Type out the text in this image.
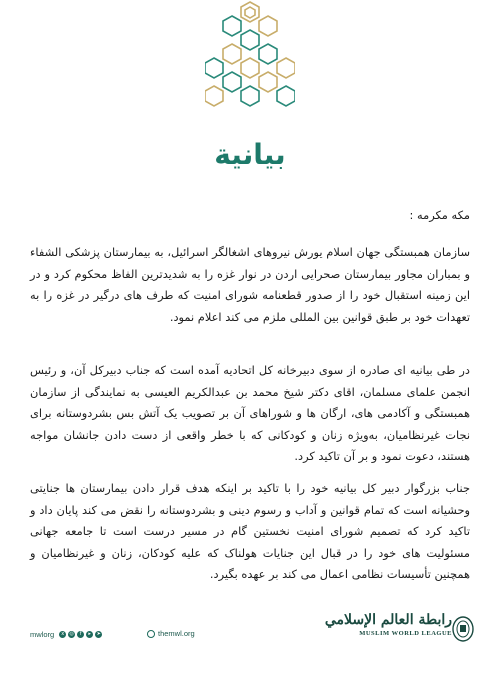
بيانية

مكه مكرمه :

سازمان همبستگی جهان اسلام یورش نیروهای اشغالگر اسرائیل، به بیمارستان پزشکی الشفاء و بمباران مجاور بیمارستان صحرایی اردن در نوار غزه را به شدیدترین الفاظ محکوم کرد و در این زمینه استقبال خود را از صدور قطعنامه شورای امنیت که طرف های درگیر در غزه را به تعهدات خود بر طبق قوانین بین المللی ملزم می کند اعلام نمود.

در طی بیانیه ای صادره از سوی دبیرخانه کل اتحادیه آمده است که جناب دبیرکل آن، و رئیس انجمن علمای مسلمان، اقای دکتر شیخ محمد بن عبدالکریم العیسی به نمایندگی از سازمان همبستگی و آکادمی های، ارگان ها و شوراهای آن بر تصویب یک آتش بس بشردوستانه برای نجات غیرنظامیان، بەویژه زنان و کودکانی که با خطر واقعی از دست دادن جانشان مواجه هستند، دعوت نمود و بر آن تاکید کرد.

جناب بزرگوار دبیر کل بیانیه خود را با تاکید بر اینکه هدف قرار دادن بیمارستان ها جنایتی وحشیانه است که تمام قوانین و آداب و رسوم دینی و بشردوستانه را نقض می کند پایان داد و تاکید کرد که تصمیم شورای امنیت نخستین گام در مسیر درست است تا جامعه جهانی مسئولیت های خود را در قبال این جنایات هولناک که علیه کودکان، زنان و غیرنظامیان و همچنین تأسیسات نظامی اعمال می کند بر عهده بگیرد.

mwlorg	x	◎	f	▸	➤	themwl.org
رابطة العالم الإسلامي
MUSLIM WORLD LEAGUE
